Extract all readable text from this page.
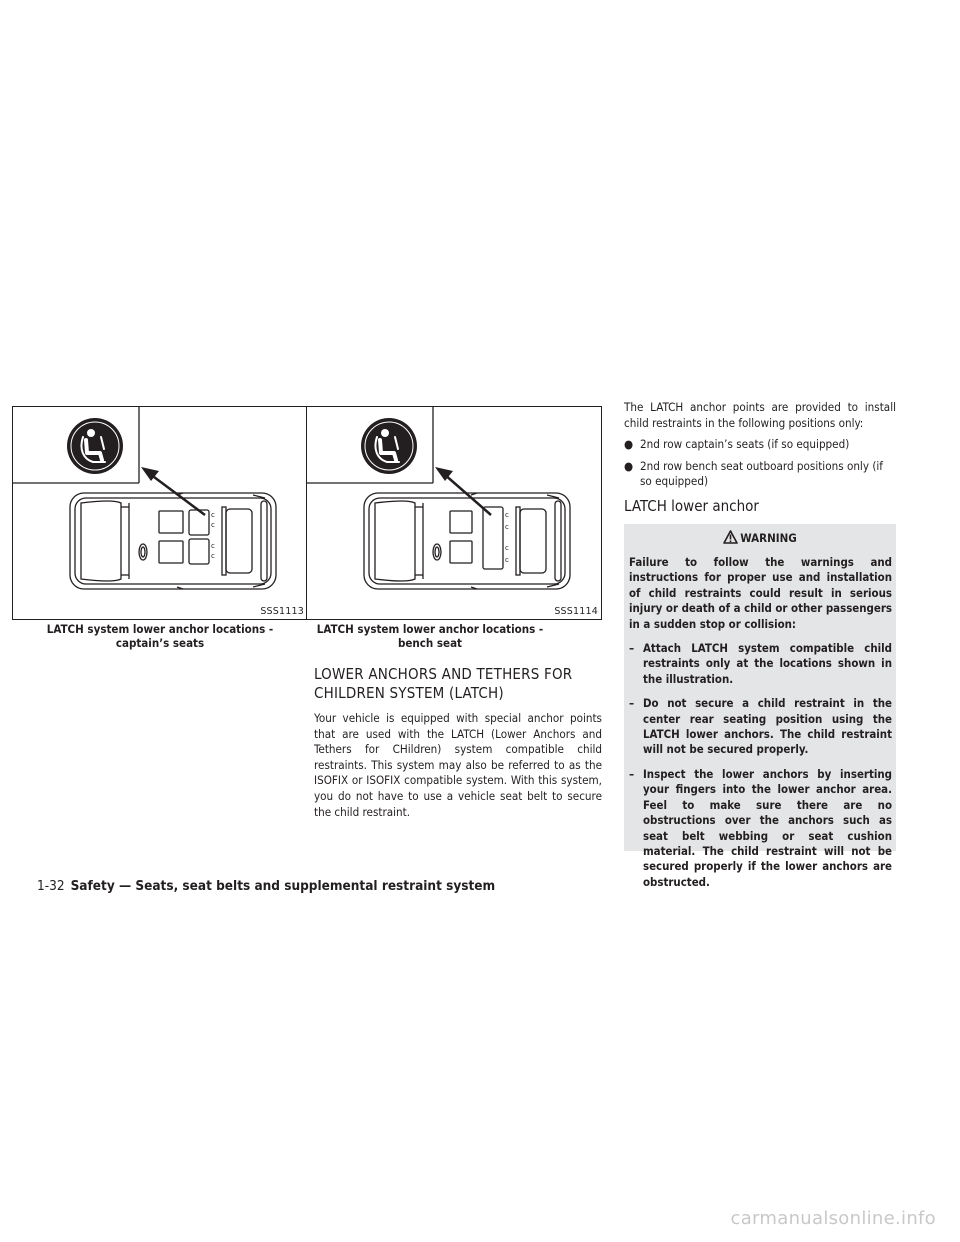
c
c
c
c
SSS1113
LATCH system lower anchor locations -
captain’s seats
c
c
c
c
SSS1114
LATCH system lower anchor locations -
bench seat
LOWER ANCHORS AND TETHERS FOR
CHILDREN SYSTEM (LATCH)
Your vehicle is equipped with special anchor points that are used with the LATCH (Lower Anchors and Tethers for CHildren) system compatible child restraints. This system may also be referred to as the ISOFIX or ISOFIX compatible system. With this system, you do not have to use a vehicle seat belt to secure the child restraint.
The LATCH anchor points are provided to install child restraints in the following positions only:
● 2nd row captain’s seats (if so equipped)
● 2nd row bench seat outboard positions only (if so equipped)
LATCH lower anchor
WARNING

Failure to follow the warnings and instructions for proper use and installation of child restraints could result in serious injury or death of a child or other passengers in a sudden stop or collision:

– Attach LATCH system compatible child restraints only at the locations shown in the illustration.
– Do not secure a child restraint in the center rear seating position using the LATCH lower anchors. The child restraint will not be secured properly.
– Inspect the lower anchors by inserting your fingers into the lower anchor area. Feel to make sure there are no obstructions over the anchors such as seat belt webbing or seat cushion material. The child restraint will not be secured properly if the lower anchors are obstructed.
1-32 Safety — Seats, seat belts and supplemental restraint system
carmanualsonline.info
